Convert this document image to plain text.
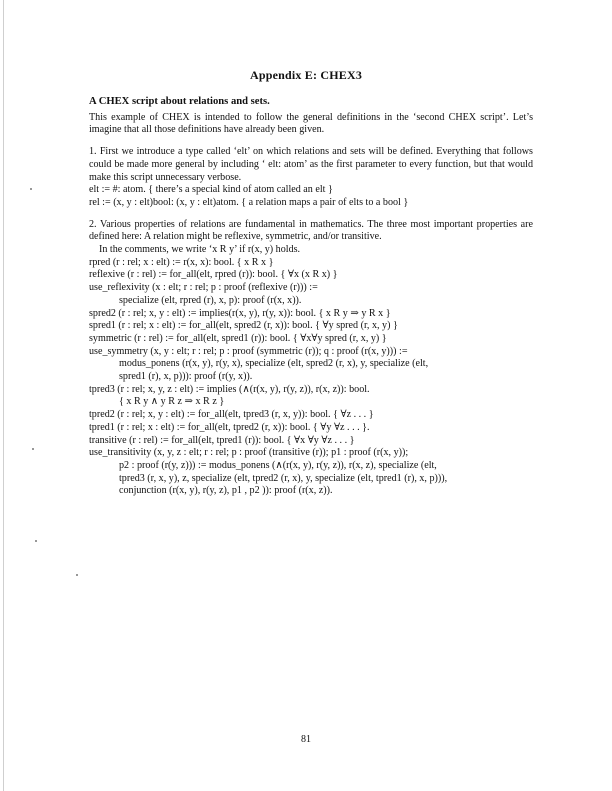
Appendix E: CHEX3
A CHEX script about relations and sets.

This example of CHEX is intended to follow the general definitions in the ‘second CHEX script’. Let’s imagine that all those definitions have already been given.

1. First we introduce a type called ‘elt’ on which relations and sets will be defined. Everything that follows could be made more general by including ‘ elt: atom’ as the first parameter to every function, but that would make this script unnecessary verbose.

elt := #: atom. { there’s a special kind of atom called an elt }
rel := (x, y : elt)bool: (x, y : elt)atom. { a relation maps a pair of elts to a bool }

2. Various properties of relations are fundamental in mathematics. The three most important properties are defined here: A relation might be reflexive, symmetric, and/or transitive.

In the comments, we write ‘x R y’ if r(x, y) holds.

rpred (r : rel; x : elt) := r(x, x): bool. { x R x }
reflexive (r : rel) := for_all(elt, rpred (r)): bool. { ∀x (x R x) }
use_reflexivity (x : elt; r : rel; p : proof (reflexive (r))) :=
specialize (elt, rpred (r), x, p): proof (r(x, x)).
spred2 (r : rel; x, y : elt) := implies(r(x, y), r(y, x)): bool. { x R y ⇒ y R x }
spred1 (r : rel; x : elt) := for_all(elt, spred2 (r, x)): bool. { ∀y spred (r, x, y) }
symmetric (r : rel) := for_all(elt, spred1 (r)): bool. { ∀x∀y spred (r, x, y) }
use_symmetry (x, y : elt; r : rel; p : proof (symmetric (r)); q : proof (r(x, y))) :=
modus_ponens (r(x, y), r(y, x), specialize (elt, spred2 (r, x), y, specialize (elt,
spred1 (r), x, p))): proof (r(y, x)).
tpred3 (r : rel; x, y, z : elt) := implies (∧(r(x, y), r(y, z)), r(x, z)): bool.
{ x R y ∧ y R z ⇒ x R z }
tpred2 (r : rel; x, y : elt) := for_all(elt, tpred3 (r, x, y)): bool. { ∀z . . . }
tpred1 (r : rel; x : elt) := for_all(elt, tpred2 (r, x)): bool. { ∀y ∀z . . . }.
transitive (r : rel) := for_all(elt, tpred1 (r)): bool. { ∀x ∀y ∀z . . . }
use_transitivity (x, y, z : elt; r : rel; p : proof (transitive (r)); p1 : proof (r(x, y));
p2 : proof (r(y, z))) := modus_ponens (∧(r(x, y), r(y, z)), r(x, z), specialize (elt,
tpred3 (r, x, y), z, specialize (elt, tpred2 (r, x), y, specialize (elt, tpred1 (r), x, p))),
conjunction (r(x, y), r(y, z), p1 , p2 )): proof (r(x, z)).
81
